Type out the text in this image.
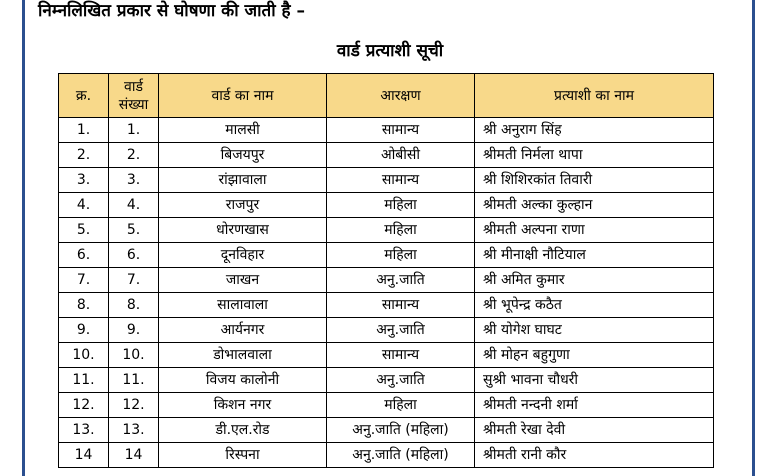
निम्नलिखित प्रकार से घोषणा की जाती है –
वार्ड प्रत्याशी सूची
क्र.	वार्ड संख्या	वार्ड का नाम	आरक्षण	प्रत्याशी का नाम
1.	1.	मालसी	सामान्य	श्री अनुराग सिंह
2.	2.	बिजयपुर	ओबीसी	श्रीमती निर्मला थापा
3.	3.	रांझावाला	सामान्य	श्री शिशिरकांत तिवारी
4.	4.	राजपुर	महिला	श्रीमती अल्का कुल्हान
5.	5.	धोरणखास	महिला	श्रीमती अल्पना राणा
6.	6.	दूनविहार	महिला	श्री मीनाक्षी नौटियाल
7.	7.	जाखन	अनु.जाति	श्री अमित कुमार
8.	8.	सालावाला	सामान्य	श्री भूपेन्द्र कठैत
9.	9.	आर्यनगर	अनु.जाति	श्री योगेश घाघट
10.	10.	डोभालवाला	सामान्य	श्री मोहन बहुगुणा
11.	11.	विजय कालोनी	अनु.जाति	सुश्री भावना चौधरी
12.	12.	किशन नगर	महिला	श्रीमती नन्दनी शर्मा
13.	13.	डी.एल.रोड	अनु.जाति (महिला)	श्रीमती रेखा देवी
14	14	रिस्पना	अनु.जाति (महिला)	श्रीमती रानी कौर
